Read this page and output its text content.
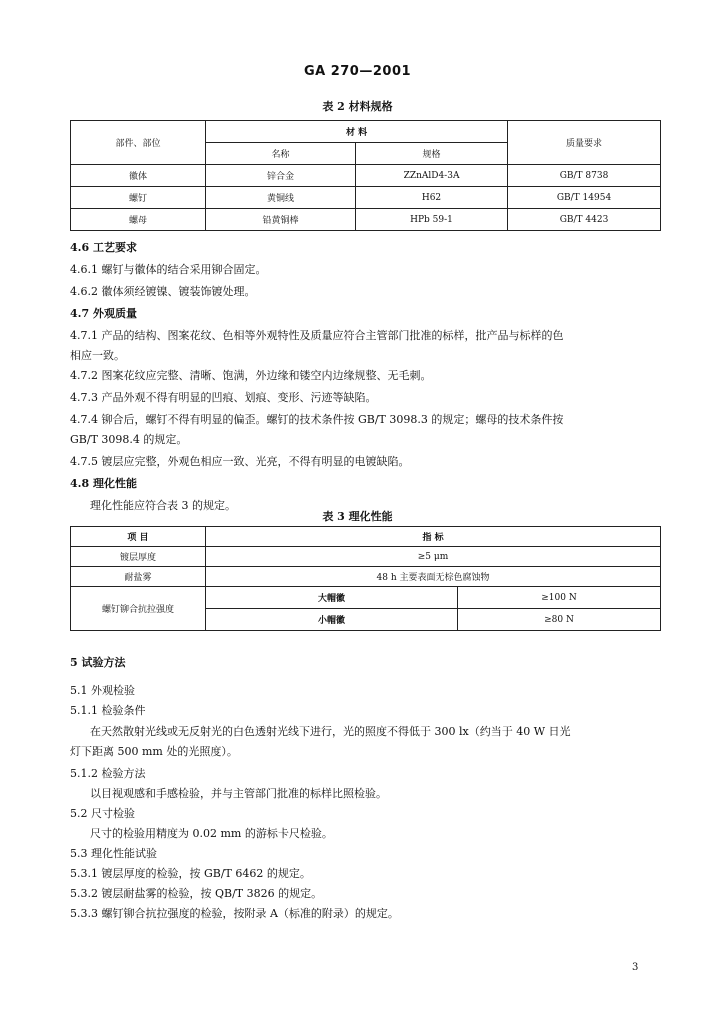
GA 270—2001
表 2 材料规格
部件、部位	材 料		质量要求
	名称	规格	
徽体	锌合金	ZZnAlD4-3A	GB/T 8738
螺钉	黄铜线	H62	GB/T 14954
螺母	铅黄铜棒	HPb 59-1	GB/T 4423
4.6 工艺要求
4.6.1 螺钉与徽体的结合采用铆合固定。
4.6.2 徽体须经镀镍、镀装饰镀处理。
4.7 外观质量
4.7.1 产品的结构、图案花纹、色相等外观特性及质量应符合主管部门批准的标样，批产品与标样的色
相应一致。
4.7.2 图案花纹应完整、清晰、饱满，外边缘和镂空内边缘规整、无毛刺。
4.7.3 产品外观不得有明显的凹痕、划痕、变形、污迹等缺陷。
4.7.4 铆合后，螺钉不得有明显的偏歪。螺钉的技术条件按 GB/T 3098.3 的规定；螺母的技术条件按
GB/T 3098.4 的规定。
4.7.5 镀层应完整，外观色相应一致、光亮，不得有明显的电镀缺陷。
4.8 理化性能
理化性能应符合表 3 的规定。
表 3 理化性能
项 目	指 标	
镀层厚度	≥5 μm	
耐盐雾	48 h 主要表面无棕色腐蚀物	
螺钉铆合抗拉强度	大帽徽	≥100 N
	小帽徽	≥80 N
5 试验方法
5.1 外观检验
5.1.1 检验条件
在天然散射光线或无反射光的白色透射光线下进行，光的照度不得低于 300 lx（约当于 40 W 日光
灯下距离 500 mm 处的光照度）。
5.1.2 检验方法
以目视观感和手感检验，并与主管部门批准的标样比照检验。
5.2 尺寸检验
尺寸的检验用精度为 0.02 mm 的游标卡尺检验。
5.3 理化性能试验
5.3.1 镀层厚度的检验，按 GB/T 6462 的规定。
5.3.2 镀层耐盐雾的检验，按 QB/T 3826 的规定。
5.3.3 螺钉铆合抗拉强度的检验，按附录 A（标准的附录）的规定。
3
